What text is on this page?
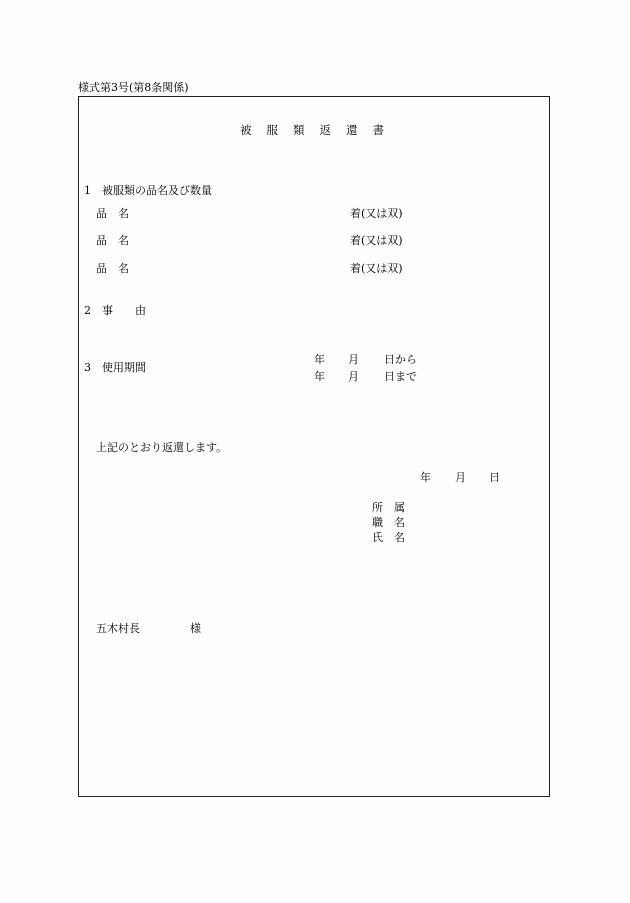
様式第3号(第8条関係)
被服類返還書
1　被服類の品名及び数量
品　名	着(又は双)
品　名	着(又は双)
品　名	着(又は双)
2　事　　由
3　使用期間
年 月 日から
年 月 日まで
上記のとおり返還します。
年 月 日
所　属
職　名
氏　名
五木村長	様
